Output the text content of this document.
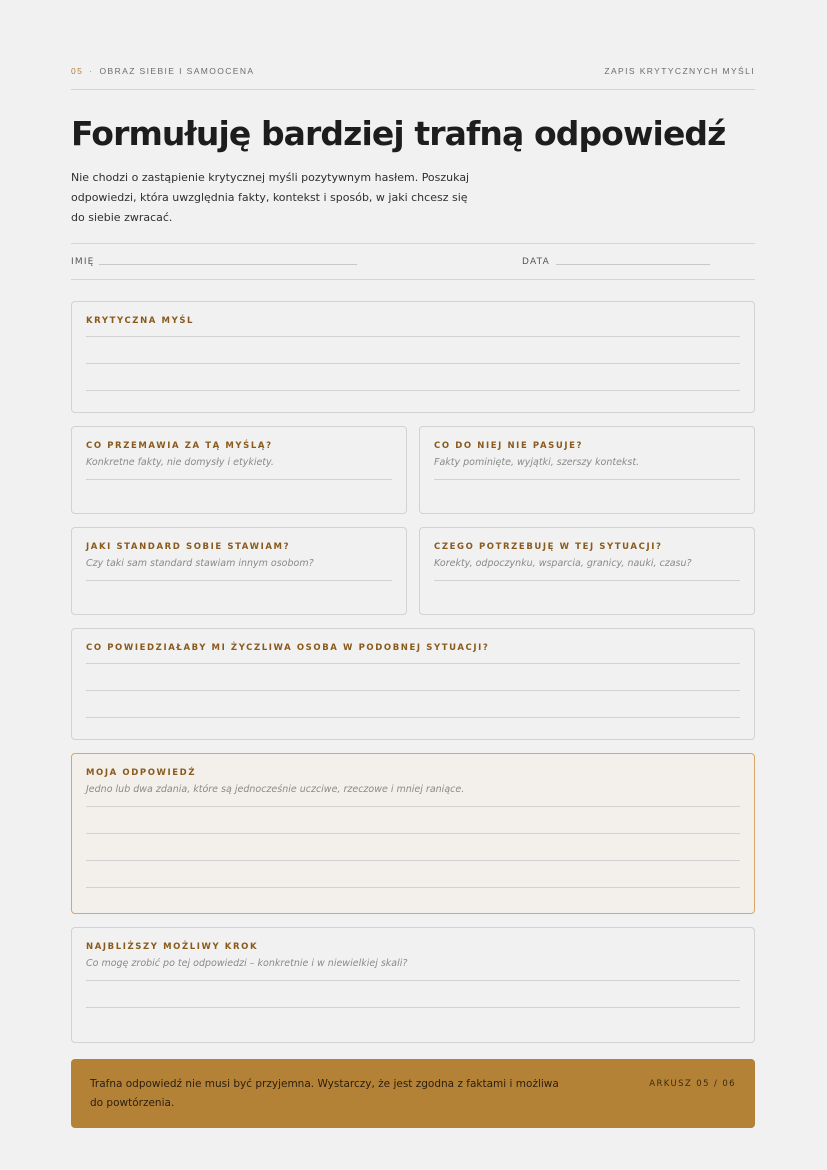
05 · OBRAZ SIEBIE I SAMOOCENA	ZAPIS KRYTYCZNYCH MYŚLI
Formułuję bardziej trafną odpowiedź

Nie chodzi o zastąpienie krytycznej myśli pozytywnym hasłem. Poszukaj odpowiedzi, która uwzględnia fakty, kontekst i sposób, w jaki chcesz się do siebie zwracać.

IMIĘ	DATA
KRYTYCZNA MYŚL
CO PRZEMAWIA ZA TĄ MYŚLĄ?
Konkretne fakty, nie domysły i etykiety.
CO DO NIEJ NIE PASUJE?
Fakty pominięte, wyjątki, szerszy kontekst.
JAKI STANDARD SOBIE STAWIAM?
Czy taki sam standard stawiam innym osobom?
CZEGO POTRZEBUJĘ W TEJ SYTUACJI?
Korekty, odpoczynku, wsparcia, granicy, nauki, czasu?
CO POWIEDZIAŁABY MI ŻYCZLIWA OSOBA W PODOBNEJ SYTUACJI?
MOJA ODPOWIEDŹ
Jedno lub dwa zdania, które są jednocześnie uczciwe, rzeczowe i mniej raniące.
NAJBLIŻSZY MOŻLIWY KROK
Co mogę zrobić po tej odpowiedzi – konkretnie i w niewielkiej skali?
Trafna odpowiedź nie musi być przyjemna. Wystarczy, że jest zgodna z faktami i możliwa do powtórzenia.
ARKUSZ 05 / 06
